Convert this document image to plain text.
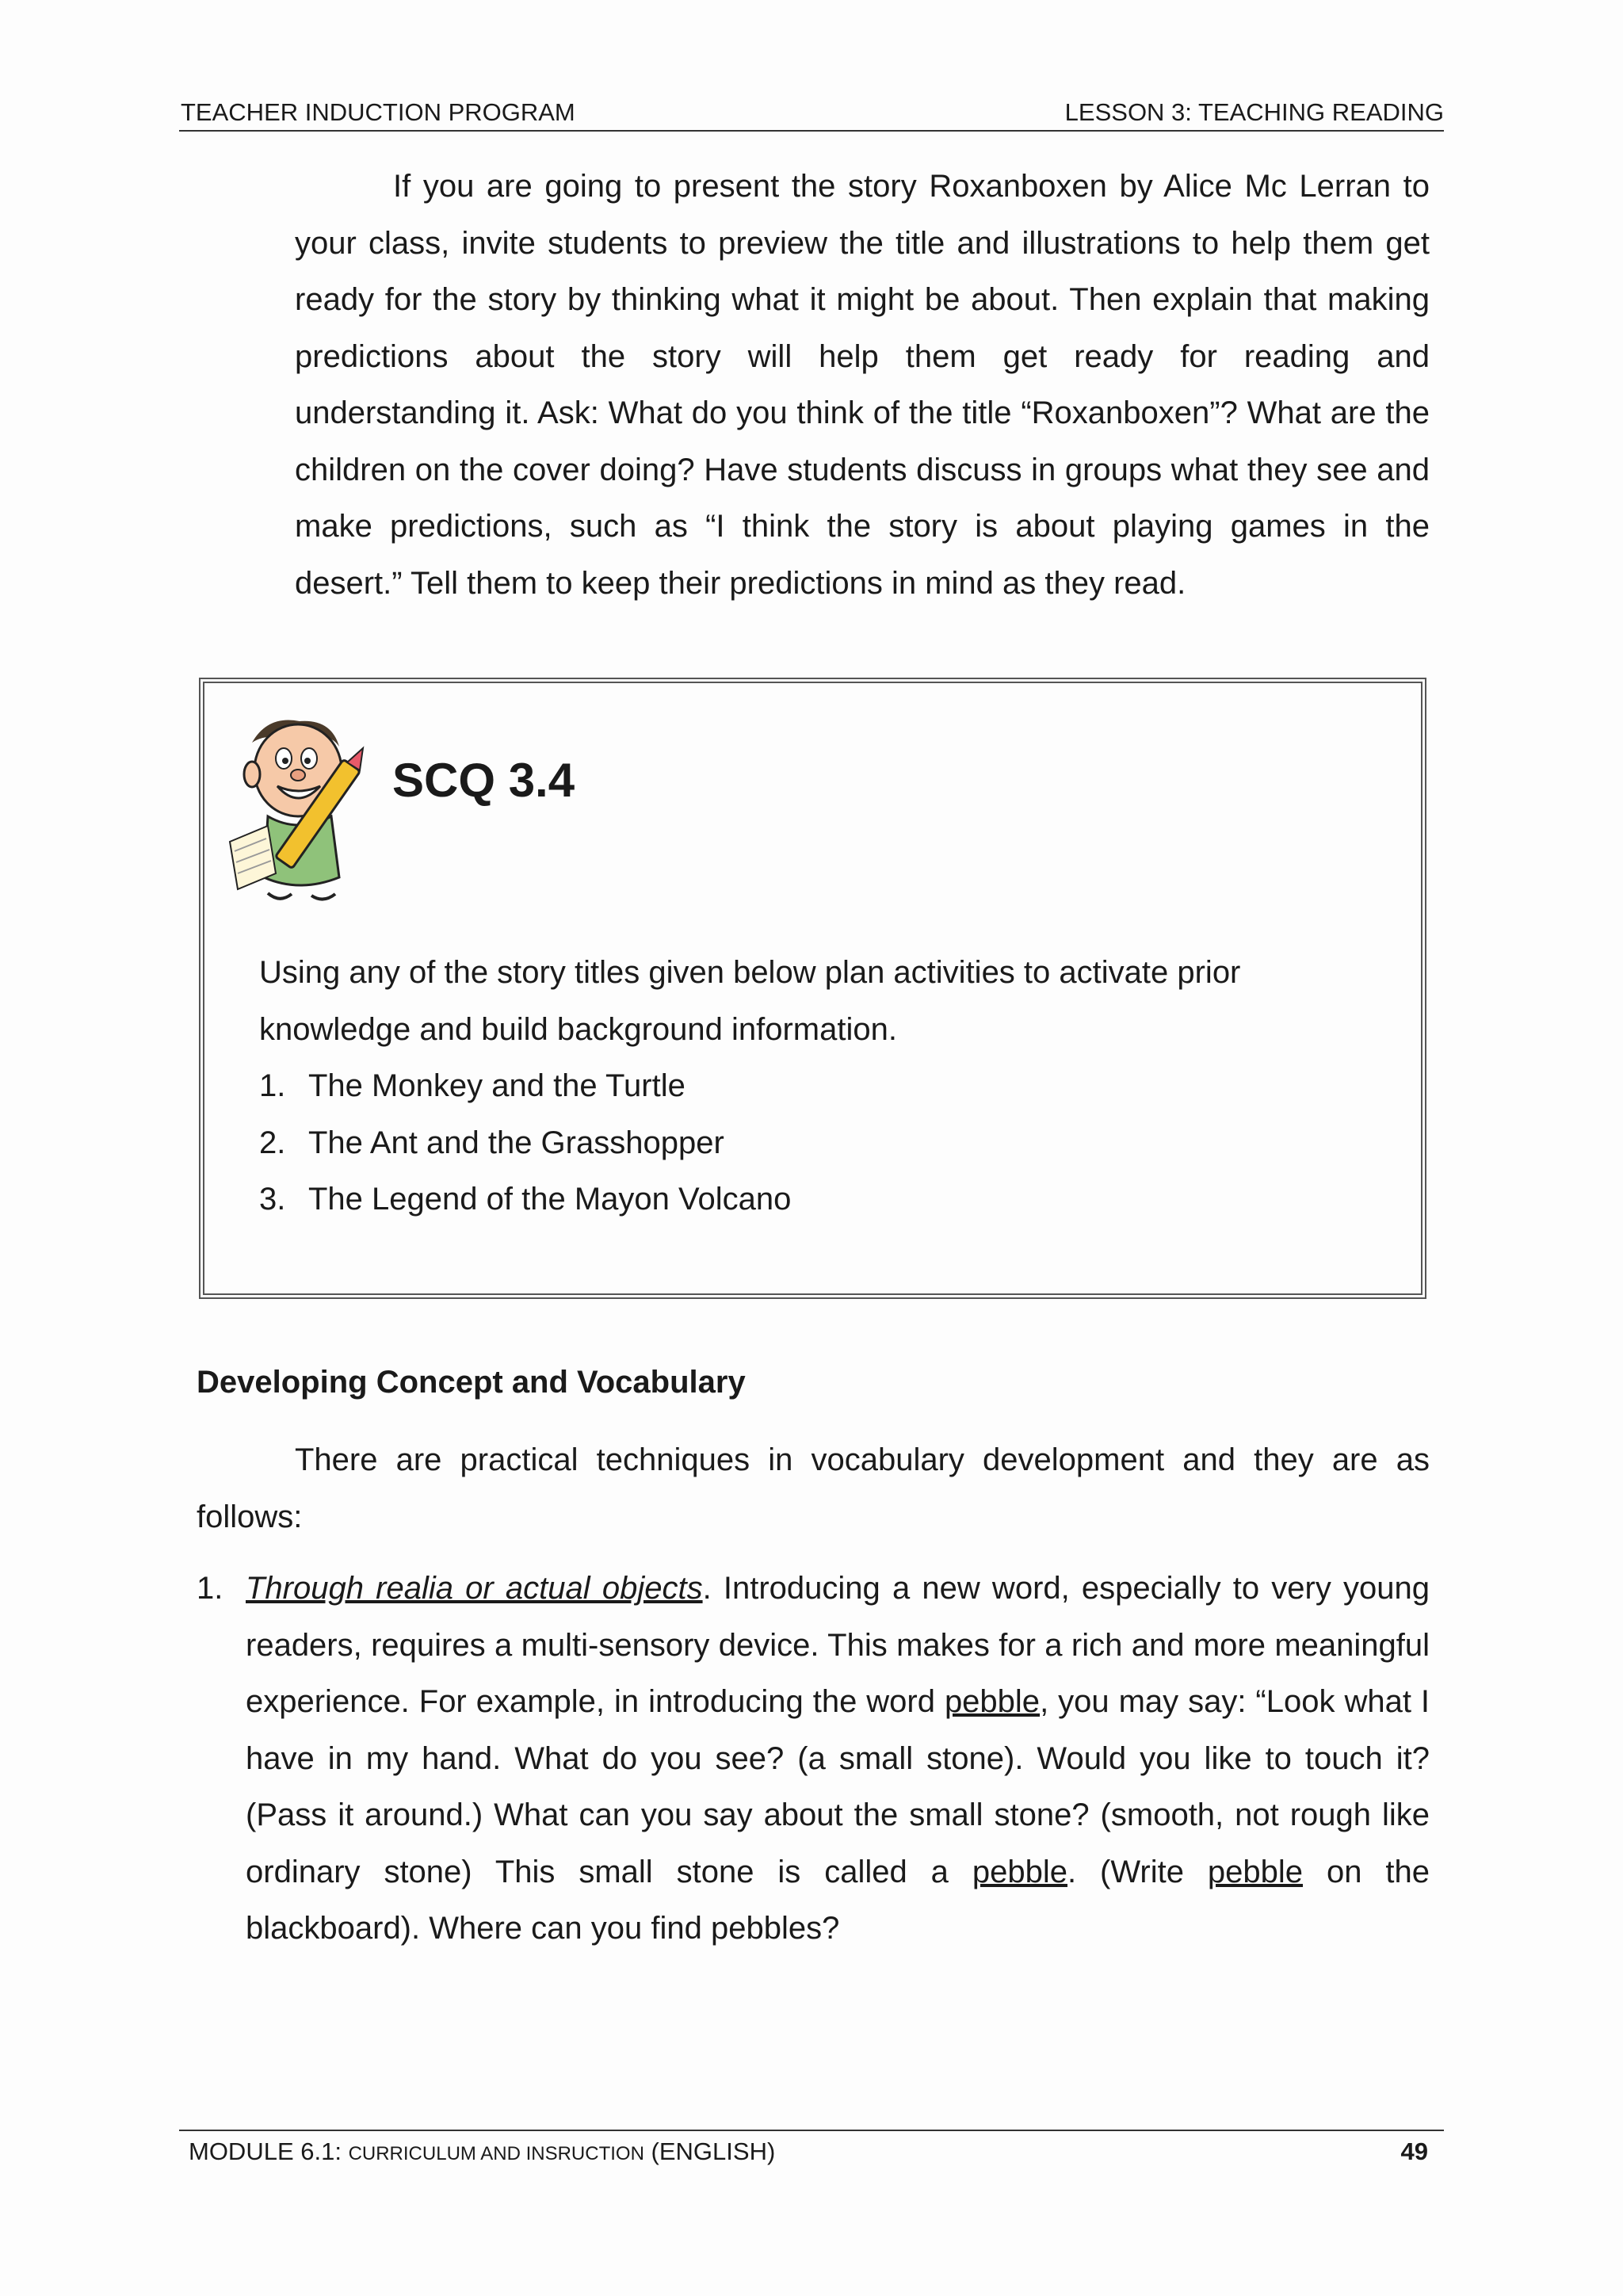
TEACHER INDUCTION PROGRAM	LESSON 3: TEACHING READING

If you are going to present the story Roxanboxen by Alice Mc Lerran to your class, invite students to preview the title and illustrations to help them get ready for the story by thinking what it might be about. Then explain that making predictions about the story will help them get ready for reading and understanding it. Ask: What do you think of the title “Roxanboxen”? What are the children on the cover doing? Have students discuss in groups what they see and make predictions, such as “I think the story is about playing games in the desert.” Tell them to keep their predictions in mind as they read.

SCQ 3.4

Using any of the story titles given below plan activities to activate prior knowledge and build background information.

1. The Monkey and the Turtle
2. The Ant and the Grasshopper
3. The Legend of the Mayon Volcano
Developing Concept and Vocabulary

There are practical techniques in vocabulary development and they are as follows:

1. Through realia or actual objects. Introducing a new word, especially to very young readers, requires a multi-sensory device. This makes for a rich and more meaningful experience. For example, in introducing the word pebble, you may say: “Look what I have in my hand. What do you see? (a small stone). Would you like to touch it? (Pass it around.) What can you say about the small stone? (smooth, not rough like ordinary stone) This small stone is called a pebble. (Write pebble on the blackboard). Where can you find pebbles?
MODULE 6.1: CURRICULUM AND INSRUCTION (ENGLISH)	49
